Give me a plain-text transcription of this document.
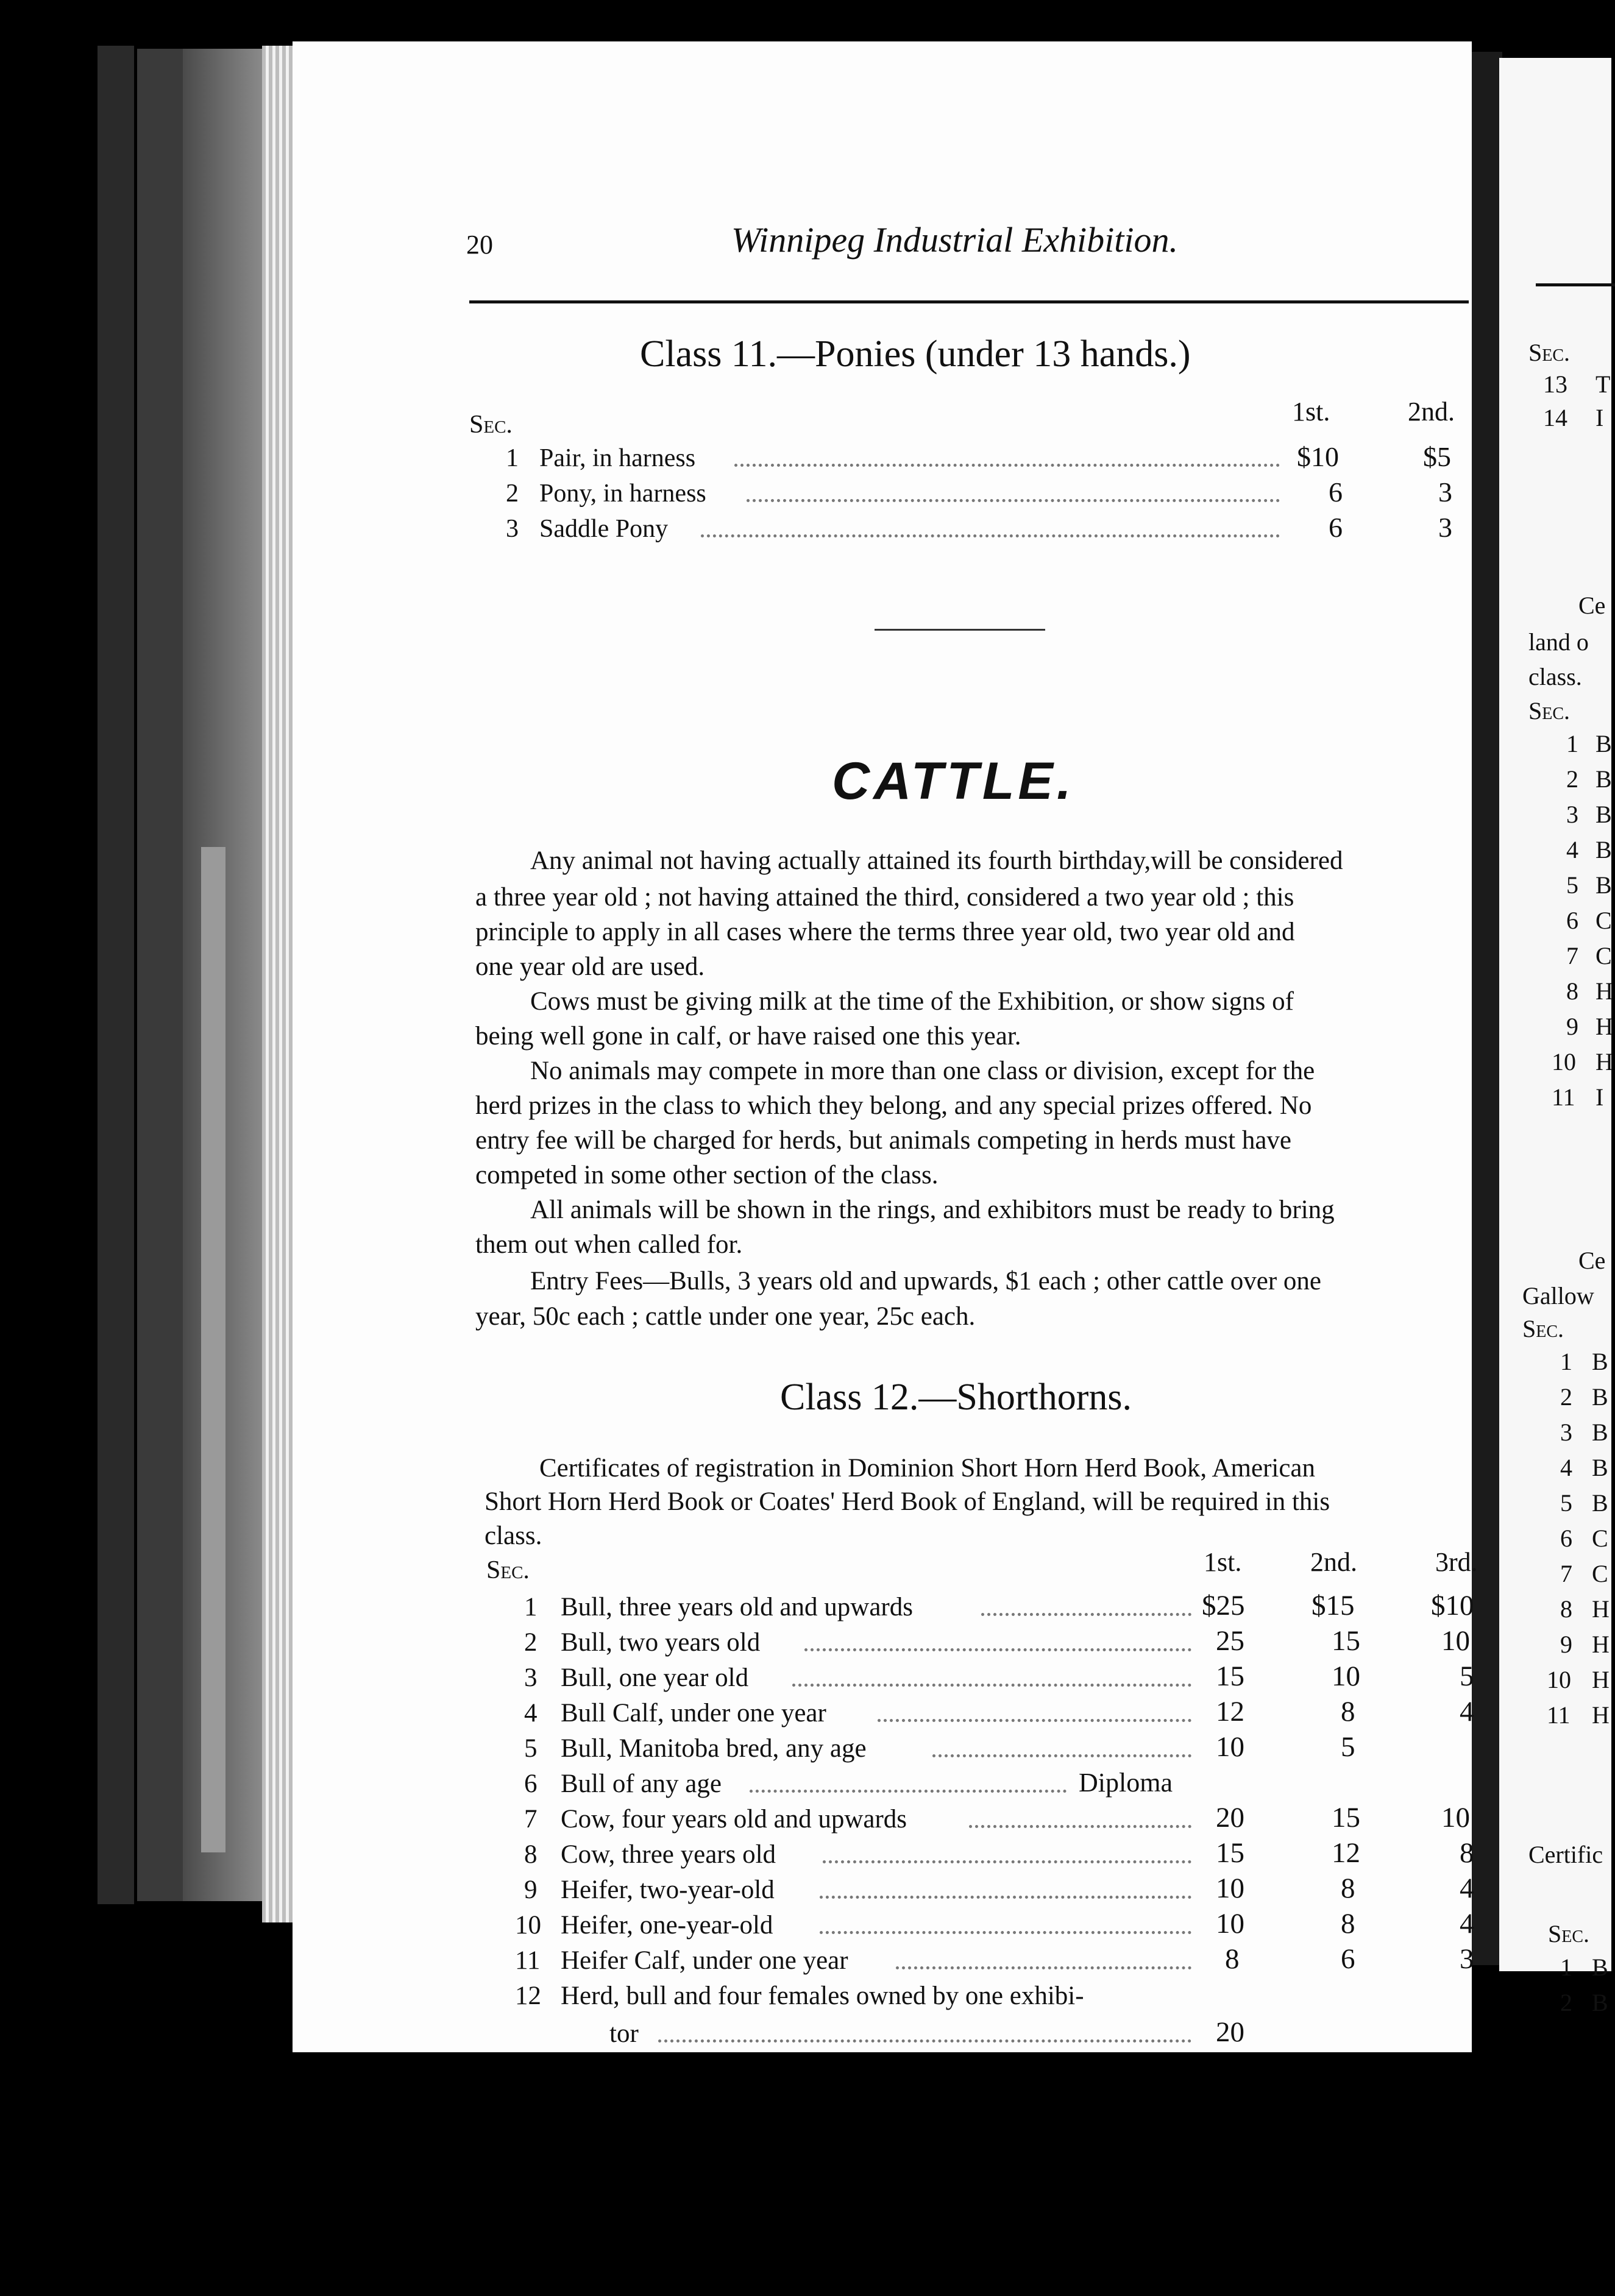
20	Winnipeg Industrial Exhibition.
Class 11.—Ponies (under 13 hands.)
1st.	2nd.
Sec.
1 Pair, in harness	$10	$5
2 Pony, in harness	6	3
3 Saddle Pony	6	3
CATTLE.
Any animal not having actually attained its fourth birthday,will be considered
a three year old ; not having attained the third, considered a two year old ; this
principle to apply in all cases where the terms three year old, two year old and
one year old are used.
Cows must be giving milk at the time of the Exhibition, or show signs of
being well gone in calf, or have raised one this year.
No animals may compete in more than one class or division, except for the
herd prizes in the class to which they belong, and any special prizes offered. No
entry fee will be charged for herds, but animals competing in herds must have
competed in some other section of the class.
All animals will be shown in the rings, and exhibitors must be ready to bring
them out when called for.
Entry Fees—Bulls, 3 years old and upwards, $1 each ; other cattle over one
year, 50c each ; cattle under one year, 25c each.
Class 12.—Shorthorns.
Certificates of registration in Dominion Short Horn Herd Book, American
Short Horn Herd Book or Coates' Herd Book of England, will be required in this
class.
Sec.	1st.	2nd.	3rd.
1 Bull, three years old and upwards	$25 $15	$10
2 Bull, two years old	25	15	10
3 Bull, one year old	15	10	5
4 Bull Calf, under one year	12	8	4
5 Bull, Manitoba bred, any age	10	5
6 Bull of any age	Diploma
7 Cow, four years old and upwards	20	15	10
8 Cow, three years old	15	12	8
9 Heifer, two-year-old	10	8	4
10 Heifer, one-year-old	10	8	4
11 Heifer Calf, under one year	8	6	3
12 Herd, bull and four females owned by one exhibi-
tor	20
Sec.
13 T
14 I
Ce
land o
class.
Sec.
1 B
2 B
3 B
4 B
5 B
6 C
7 C
8 H
9 H
10 H
11 I
Ce
Gallow
Sec.
1 B
2 B
3 B
4 B
5 B
6 C
7 C
8 H
9 H
10 H
11 H
Certific
Sec.
1 B
2 B
